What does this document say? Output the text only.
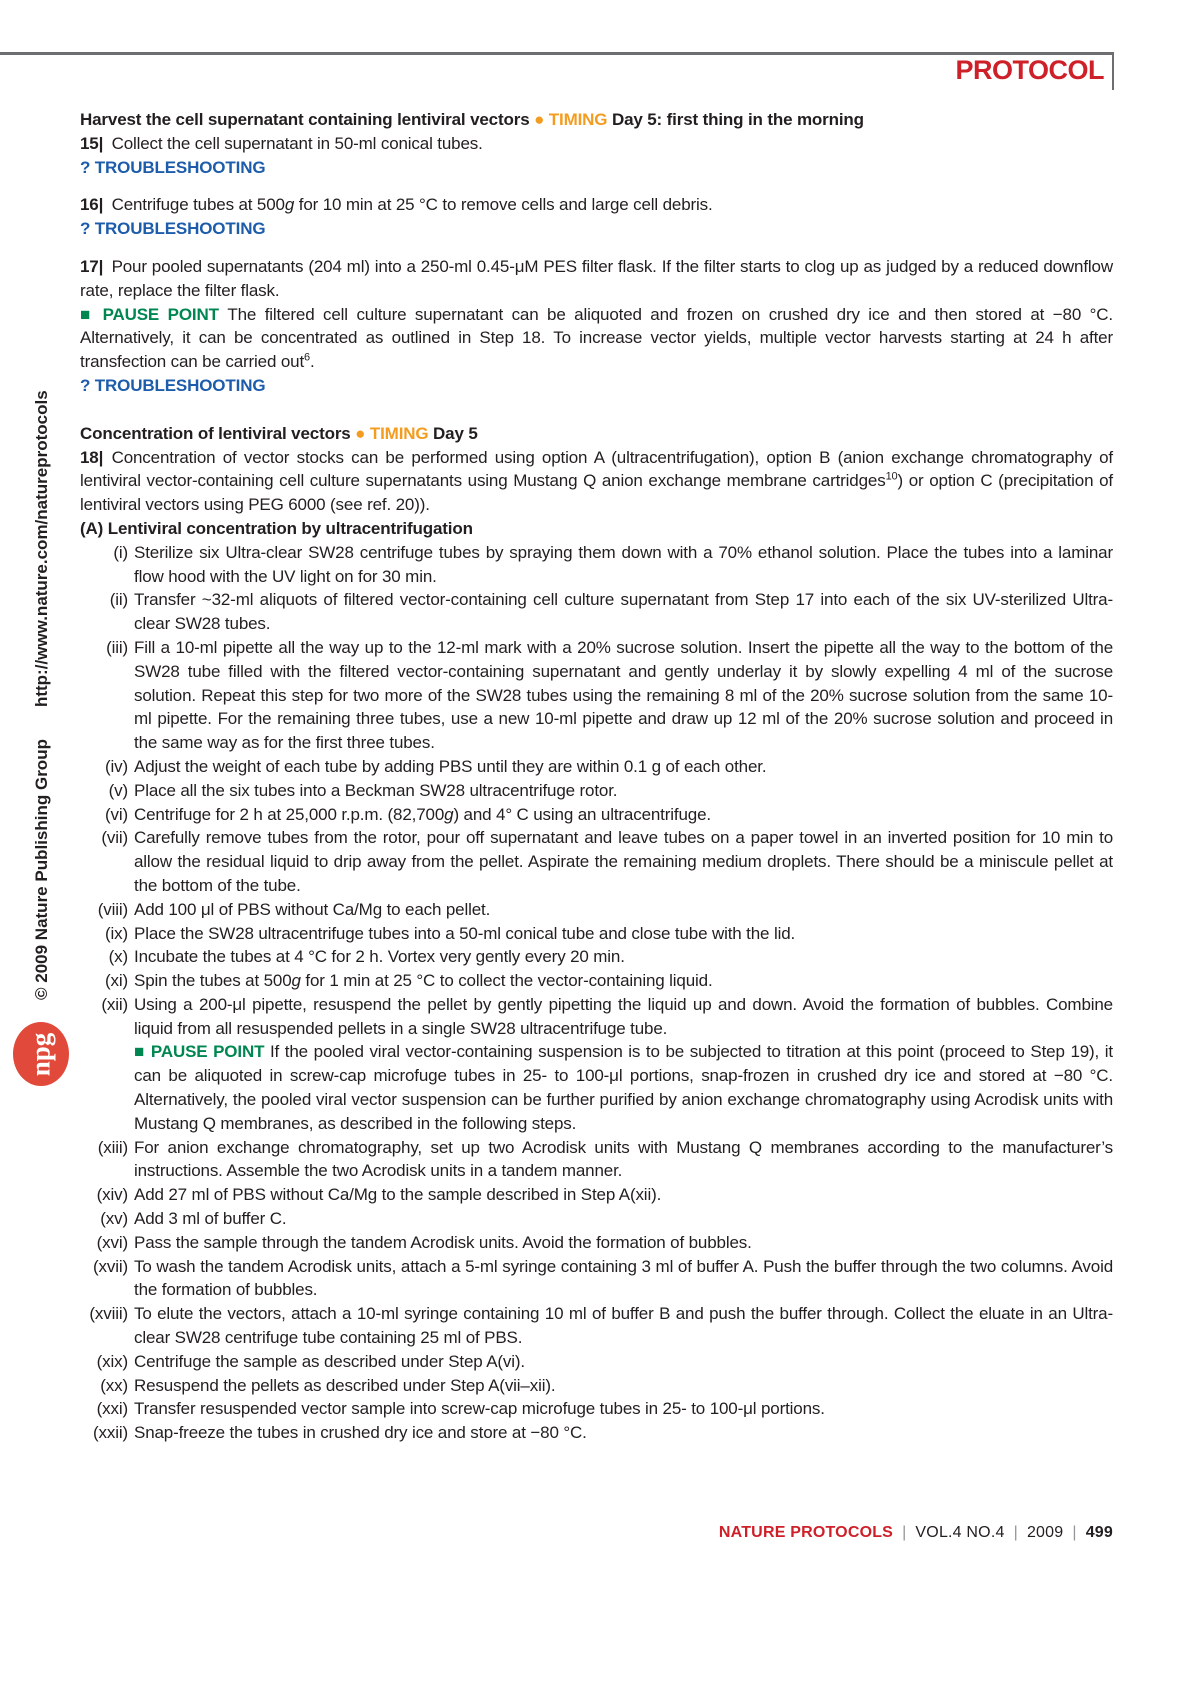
PROTOCOL
Harvest the cell supernatant containing lentiviral vectors ● TIMING Day 5: first thing in the morning
15| Collect the cell supernatant in 50-ml conical tubes.
? TROUBLESHOOTING
16| Centrifuge tubes at 500g for 10 min at 25 °C to remove cells and large cell debris.
? TROUBLESHOOTING
17| Pour pooled supernatants (204 ml) into a 250-ml 0.45-μM PES filter flask. If the filter starts to clog up as judged by a reduced downflow rate, replace the filter flask.
■ PAUSE POINT The filtered cell culture supernatant can be aliquoted and frozen on crushed dry ice and then stored at −80 °C. Alternatively, it can be concentrated as outlined in Step 18. To increase vector yields, multiple vector harvests starting at 24 h after transfection can be carried out$^6$.
? TROUBLESHOOTING
Concentration of lentiviral vectors ● TIMING Day 5
18| Concentration of vector stocks can be performed using option A (ultracentrifugation), option B (anion exchange chromatography of lentiviral vector-containing cell culture supernatants using Mustang Q anion exchange membrane cartridges$^{10}$) or option C (precipitation of lentiviral vectors using PEG 6000 (see ref. 20)).
(A) Lentiviral concentration by ultracentrifugation
(i) Sterilize six Ultra-clear SW28 centrifuge tubes by spraying them down with a 70% ethanol solution. Place the tubes into a laminar flow hood with the UV light on for 30 min.
(ii) Transfer ~32-ml aliquots of filtered vector-containing cell culture supernatant from Step 17 into each of the six UV-sterilized Ultra-clear SW28 tubes.
(iii) Fill a 10-ml pipette all the way up to the 12-ml mark with a 20% sucrose solution. Insert the pipette all the way to the bottom of the SW28 tube filled with the filtered vector-containing supernatant and gently underlay it by slowly expelling 4 ml of the sucrose solution. Repeat this step for two more of the SW28 tubes using the remaining 8 ml of the 20% sucrose solution from the same 10-ml pipette. For the remaining three tubes, use a new 10-ml pipette and draw up 12 ml of the 20% sucrose solution and proceed in the same way as for the first three tubes.
(iv) Adjust the weight of each tube by adding PBS until they are within 0.1 g of each other.
(v) Place all the six tubes into a Beckman SW28 ultracentrifuge rotor.
(vi) Centrifuge for 2 h at 25,000 r.p.m. (82,700g) and 4° C using an ultracentrifuge.
(vii) Carefully remove tubes from the rotor, pour off supernatant and leave tubes on a paper towel in an inverted position for 10 min to allow the residual liquid to drip away from the pellet. Aspirate the remaining medium droplets. There should be a miniscule pellet at the bottom of the tube.
(viii) Add 100 μl of PBS without Ca/Mg to each pellet.
(ix) Place the SW28 ultracentrifuge tubes into a 50-ml conical tube and close tube with the lid.
(x) Incubate the tubes at 4 °C for 2 h. Vortex very gently every 20 min.
(xi) Spin the tubes at 500g for 1 min at 25 °C to collect the vector-containing liquid.
(xii) Using a 200-μl pipette, resuspend the pellet by gently pipetting the liquid up and down. Avoid the formation of bubbles. Combine liquid from all resuspended pellets in a single SW28 ultracentrifuge tube.
■ PAUSE POINT If the pooled viral vector-containing suspension is to be subjected to titration at this point (proceed to Step 19), it can be aliquoted in screw-cap microfuge tubes in 25- to 100-μl portions, snap-frozen in crushed dry ice and stored at −80 °C. Alternatively, the pooled viral vector suspension can be further purified by anion exchange chromatography using Acrodisk units with Mustang Q membranes, as described in the following steps.
(xiii) For anion exchange chromatography, set up two Acrodisk units with Mustang Q membranes according to the manufacturer’s instructions. Assemble the two Acrodisk units in a tandem manner.
(xiv) Add 27 ml of PBS without Ca/Mg to the sample described in Step A(xii).
(xv) Add 3 ml of buffer C.
(xvi) Pass the sample through the tandem Acrodisk units. Avoid the formation of bubbles.
(xvii) To wash the tandem Acrodisk units, attach a 5-ml syringe containing 3 ml of buffer A. Push the buffer through the two columns. Avoid the formation of bubbles.
(xviii) To elute the vectors, attach a 10-ml syringe containing 10 ml of buffer B and push the buffer through. Collect the eluate in an Ultra-clear SW28 centrifuge tube containing 25 ml of PBS.
(xix) Centrifuge the sample as described under Step A(vi).
(xx) Resuspend the pellets as described under Step A(vii–xii).
(xxi) Transfer resuspended vector sample into screw-cap microfuge tubes in 25- to 100-μl portions.
(xxii) Snap-freeze the tubes in crushed dry ice and store at −80 °C.
© 2009 Nature Publishing Grouphttp://www.nature.com/natureprotocols
npg
NATURE PROTOCOLS | VOL.4 NO.4 | 2009 | 499
